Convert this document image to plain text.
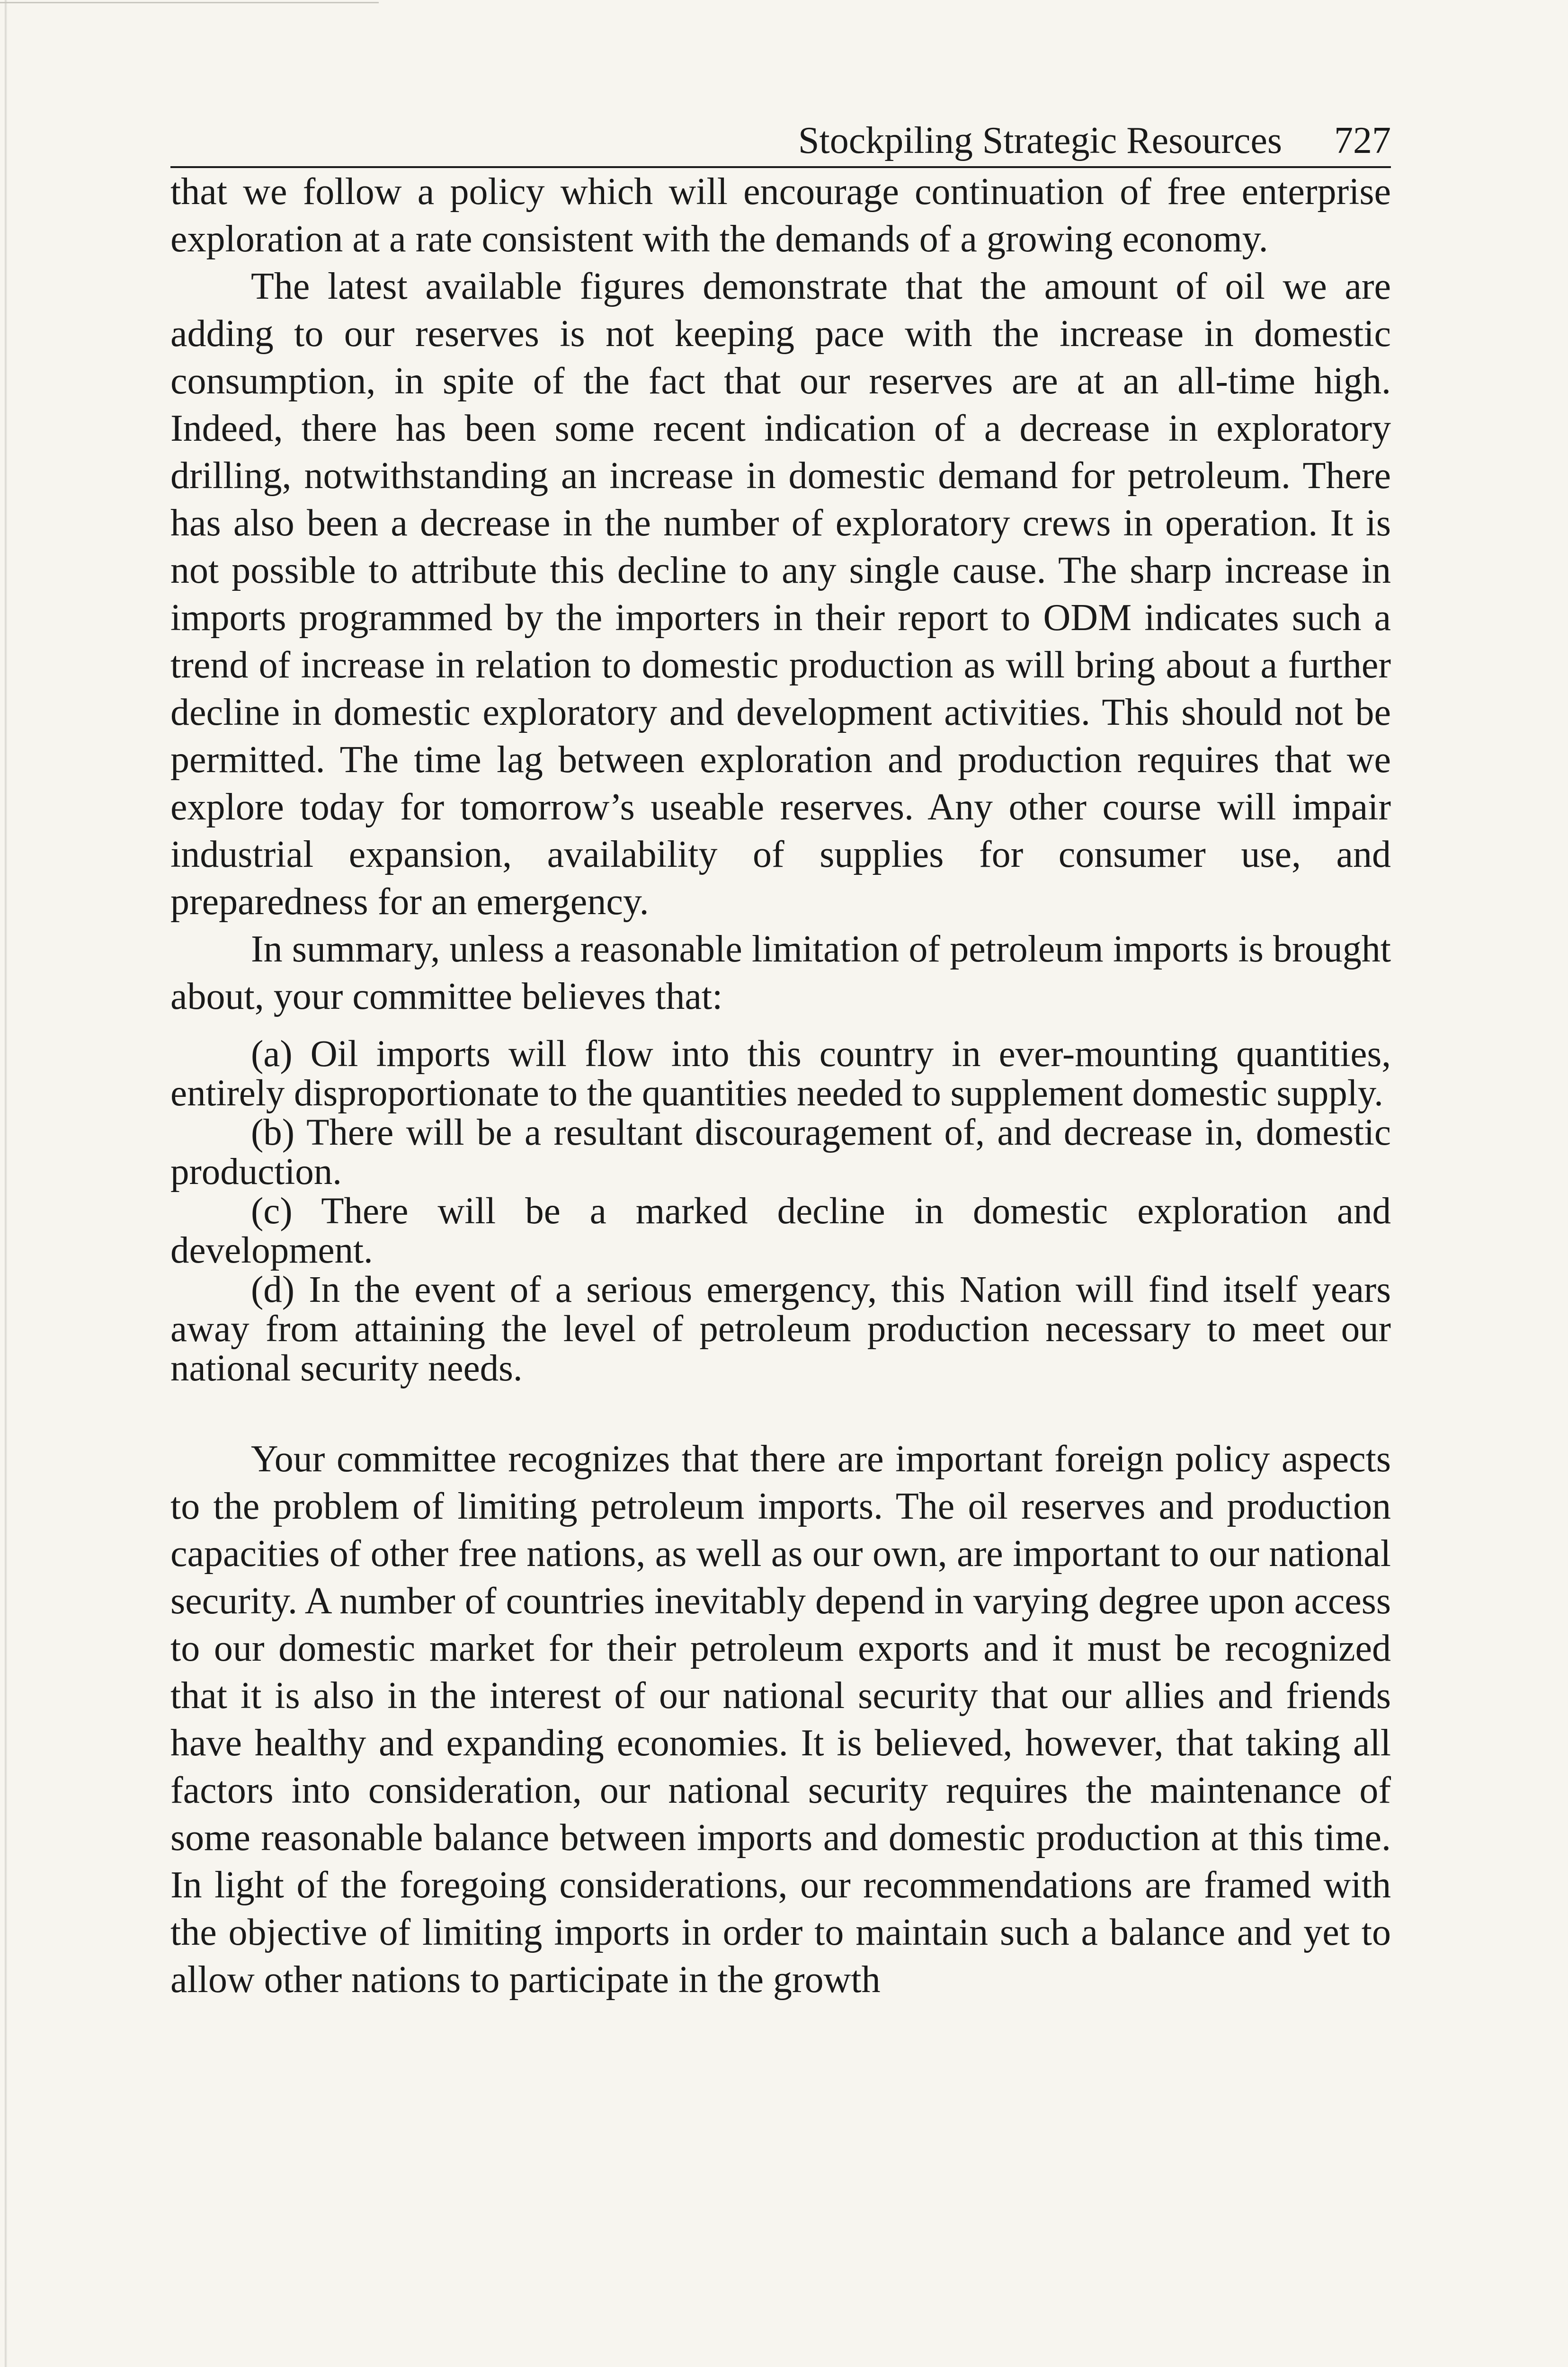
Stockpiling Strategic Resources 727

that we follow a policy which will encourage continuation of free enterprise exploration at a rate consistent with the demands of a growing economy.

The latest available figures demonstrate that the amount of oil we are adding to our reserves is not keeping pace with the increase in domestic consumption, in spite of the fact that our reserves are at an all-time high. Indeed, there has been some recent indication of a decrease in exploratory drilling, notwithstanding an increase in domestic demand for petroleum. There has also been a decrease in the number of exploratory crews in operation. It is not possible to attribute this decline to any single cause. The sharp increase in imports programmed by the importers in their report to ODM indicates such a trend of increase in relation to domestic production as will bring about a further decline in domestic exploratory and development activities. This should not be permitted. The time lag between exploration and production requires that we explore today for tomorrow’s useable reserves. Any other course will impair industrial expansion, availability of supplies for consumer use, and preparedness for an emergency.

In summary, unless a reasonable limitation of petroleum imports is brought about, your committee believes that:

(a) Oil imports will flow into this country in ever-mounting quantities, entirely disproportionate to the quantities needed to supplement domestic supply.

(b) There will be a resultant discouragement of, and decrease in, domestic production.

(c) There will be a marked decline in domestic exploration and development.

(d) In the event of a serious emergency, this Nation will find itself years away from attaining the level of petroleum production necessary to meet our national security needs.

Your committee recognizes that there are important foreign policy aspects to the problem of limiting petroleum imports. The oil reserves and production capacities of other free nations, as well as our own, are important to our national security. A number of countries inevitably depend in varying degree upon access to our domestic market for their petroleum exports and it must be recognized that it is also in the interest of our national security that our allies and friends have healthy and expanding economies. It is believed, however, that taking all factors into consideration, our national security requires the maintenance of some reasonable balance between imports and domestic production at this time. In light of the foregoing considerations, our recommendations are framed with the objective of limiting imports in order to maintain such a balance and yet to allow other nations to participate in the growth
